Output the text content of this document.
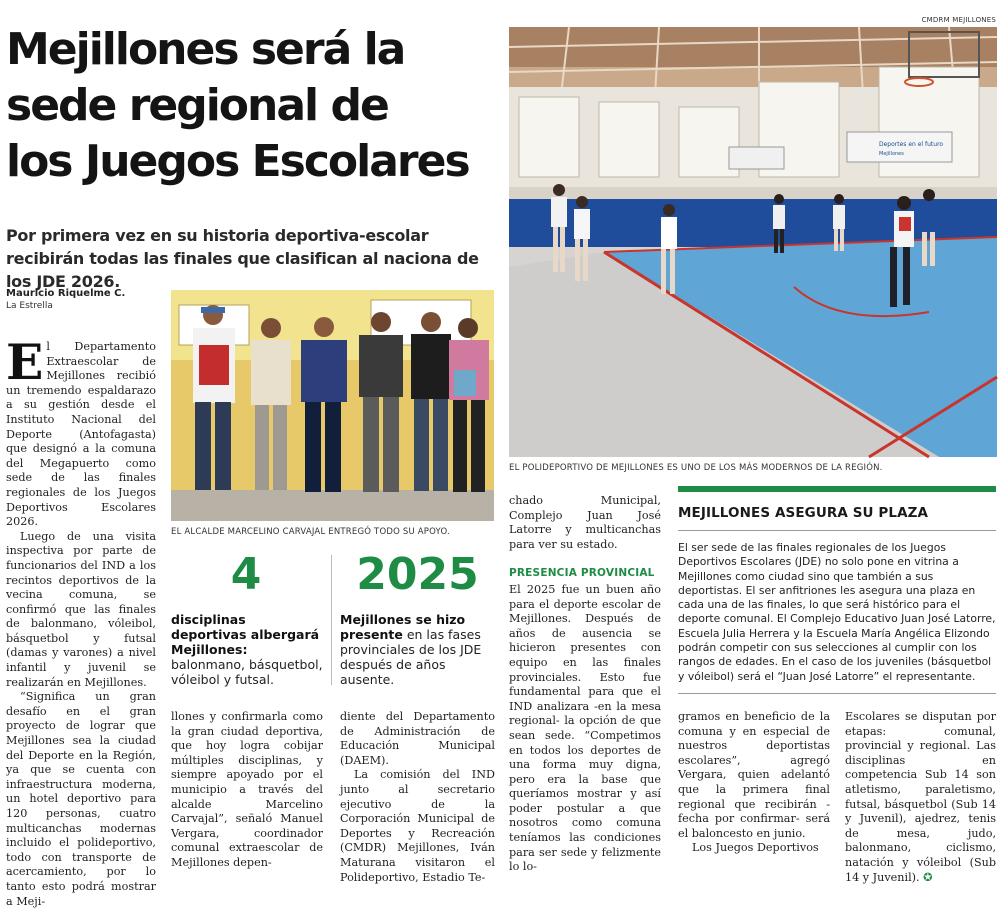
CMDRM MEJILLONES
Mejillones será la
sede regional de
los Juegos Escolares
Por primera vez en su historia deportiva-escolar recibirán todas las finales que clasifican al naciona de los JDE 2026.
Mauricio Riquelme C.
La Estrella
Deportes en el futuro
Mejillones
EL POLIDEPORTIVO DE MEJILLONES ES UNO DE LOS MÁS MODERNOS DE LA REGIÓN.
EL ALCALDE MARCELINO CARVAJAL ENTREGÓ TODO SU APOYO.

El Departamento Extraescolar de Mejillones recibió un tremendo espaldarazo a su gestión desde el Instituto Nacional del Deporte (Antofagasta) que designó a la comuna del Megapuerto como sede de las finales regionales de los Juegos Deportivos Escolares 2026.

Luego de una visita inspectiva por parte de funcionarios del IND a los recintos deportivos de la vecina comuna, se confirmó que las finales de balonmano, vóleibol, básquetbol y futsal (damas y varones) a nivel infantil y juvenil se realizarán en Mejillones.

“Significa un gran desafío en el gran proyecto de lograr que Mejillones sea la ciudad del Deporte en la Región, ya que se cuenta con infraestructura moderna, un hotel deportivo para 120 personas, cuatro multicanchas modernas incluido el polideportivo, todo con transporte de acercamiento, por lo tanto esto podrá mostrar a Meji-

4
disciplinas deportivas albergará Mejillones: balonmano, básquetbol, vóleibol y futsal.
2025
Mejillones se hizo presente en las fases provinciales de los JDE después de años ausente.

llones y confirmarla como la gran ciudad deportiva, que hoy logra cobijar múltiples disciplinas, y siempre apoyado por el municipio a través del alcalde Marcelino Carvajal”, señaló Manuel Vergara, coordinador comunal extraescolar de Mejillones depen-

diente del Departamento de Administración de Educación Municipal (DAEM).

La comisión del IND junto al secretario ejecutivo de la Corporación Municipal de Deportes y Recreación (CMDR) Mejillones, Iván Maturana visitaron el Polideportivo, Estadio Te-

chado Municipal, Complejo Juan José Latorre y multicanchas para ver su estado.

PRESENCIA PROVINCIAL

El 2025 fue un buen año para el deporte escolar de Mejillones. Después de años de ausencia se hicieron presentes con equipo en las finales provinciales. Esto fue fundamental para que el IND analizara -en la mesa regional- la opción de que sean sede. “Competimos en todos los deportes de una forma muy digna, pero era la base que queríamos mostrar y así poder postular a que nosotros como comuna teníamos las condiciones para ser sede y felizmente lo lo-

MEJILLONES ASEGURA SU PLAZA
El ser sede de las finales regionales de los Juegos Deportivos Escolares (JDE) no solo pone en vitrina a Mejillones como ciudad sino que también a sus deportistas. El ser anfitriones les asegura una plaza en cada una de las finales, lo que será histórico para el deporte comunal. El Complejo Educativo Juan José Latorre, Escuela Julia Herrera y la Escuela María Angélica Elizondo podrán competir con sus selecciones al cumplir con los rangos de edades. En el caso de los juveniles (básquetbol y vóleibol) será el “Juan José Latorre” el representante.

gramos en beneficio de la comuna y en especial de nuestros deportistas escolares”, agregó Vergara, quien adelantó que la primera final regional que recibirán -fecha por confirmar- será el baloncesto en junio.

Los Juegos Deportivos

Escolares se disputan por etapas: comunal, provincial y regional. Las disciplinas en competencia Sub 14 son atletismo, paraletismo, futsal, básquetbol (Sub 14 y Juvenil), ajedrez, tenis de mesa, judo, balonmano, ciclismo, natación y vóleibol (Sub 14 y Juvenil). ✪
